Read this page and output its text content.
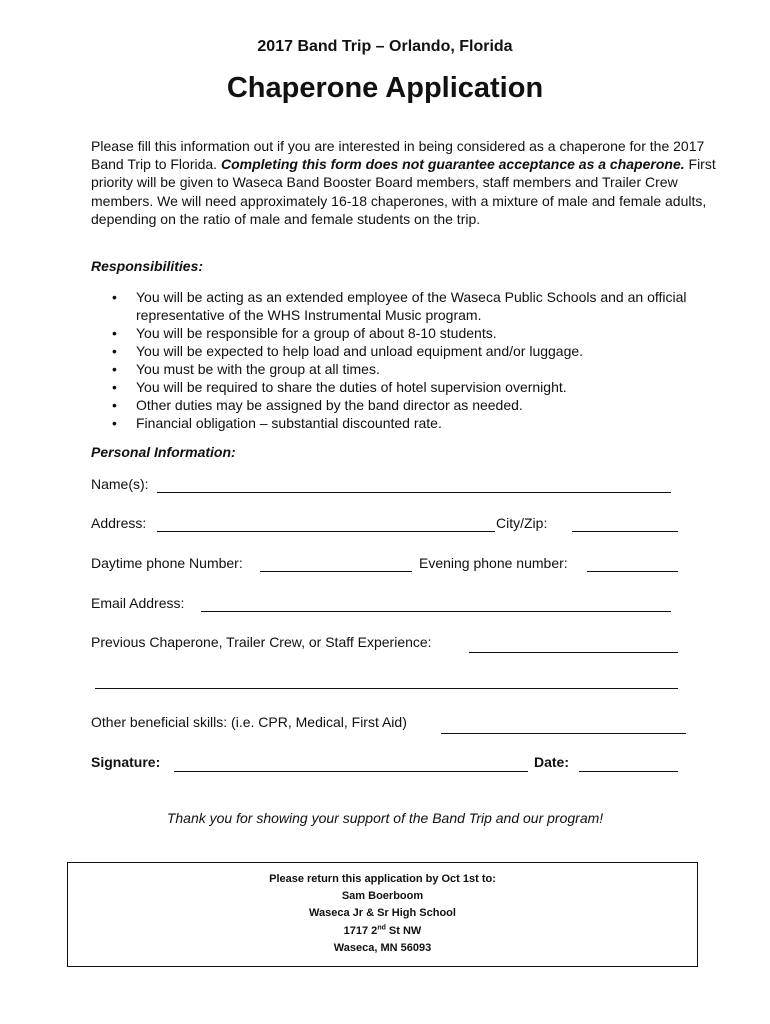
2017 Band Trip – Orlando, Florida
Chaperone Application
Please fill this information out if you are interested in being considered as a chaperone for the 2017 Band Trip to Florida. Completing this form does not guarantee acceptance as a chaperone. First priority will be given to Waseca Band Booster Board members, staff members and Trailer Crew members. We will need approximately 16-18 chaperones, with a mixture of male and female adults, depending on the ratio of male and female students on the trip.
Responsibilities:
• You will be acting as an extended employee of the Waseca Public Schools and an official representative of the WHS Instrumental Music program.
• You will be responsible for a group of about 8-10 students.
• You will be expected to help load and unload equipment and/or luggage.
• You must be with the group at all times.
• You will be required to share the duties of hotel supervision overnight.
• Other duties may be assigned by the band director as needed.
• Financial obligation – substantial discounted rate.
Personal Information:
Name(s):
Address:	City/Zip:
Daytime phone Number:	Evening phone number:
Email Address:
Previous Chaperone, Trailer Crew, or Staff Experience:
Other beneficial skills: (i.e. CPR, Medical, First Aid)
Signature:	Date:
Thank you for showing your support of the Band Trip and our program!
Please return this application by Oct 1st to:
Sam Boerboom
Waseca Jr & Sr High School
1717 2nd St NW
Waseca, MN 56093
